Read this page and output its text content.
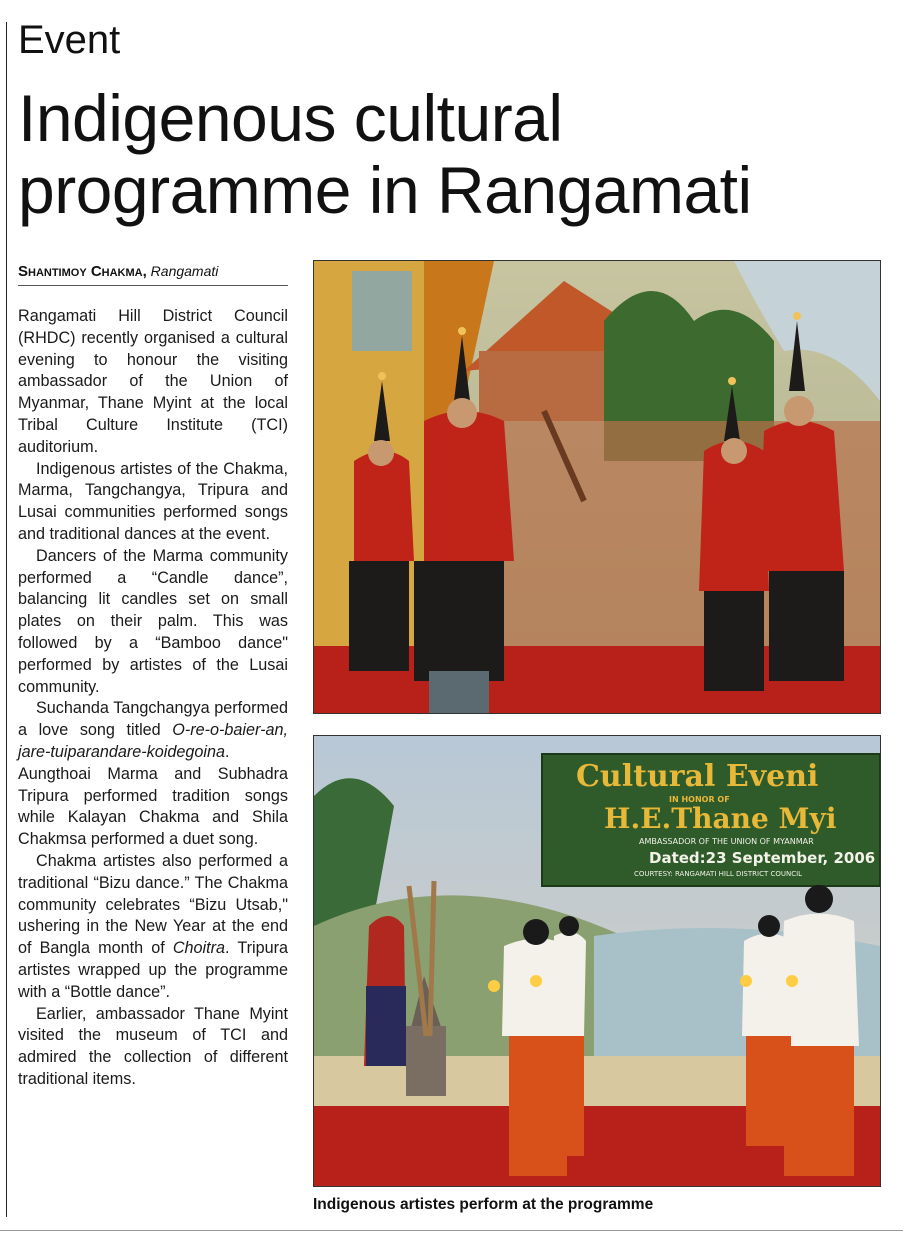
Event
Indigenous cultural
programme in Rangamati
Shantimoy Chakma, Rangamati

Rangamati Hill District Council (RHDC) recently organised a cultural evening to honour the visiting ambassador of the Union of Myanmar, Thane Myint at the local Tribal Culture Institute (TCI) auditorium.

Indigenous artistes of the Chakma, Marma, Tangchangya, Tripura and Lusai communities performed songs and traditional dances at the event.

Dancers of the Marma community performed a “Candle dance”, balancing lit candles set on small plates on their palm. This was followed by a “Bamboo dance" performed by artistes of the Lusai community.

Suchanda Tangchangya performed a love song titled O-re-o-baier-an, jare-tuiparandare-koidegoina. Aungthoai Marma and Subhadra Tripura performed tradition songs while Kalayan Chakma and Shila Chakmsa performed a duet song.

Chakma artistes also performed a traditional “Bizu dance.” The Chakma community celebrates “Bizu Utsab," ushering in the New Year at the end of Bangla month of Choitra. Tripura artistes wrapped up the programme with a “Bottle dance”.

Earlier, ambassador Thane Myint visited the museum of TCI and admired the collection of different traditional items.

Cultural Eveni
IN HONOR OF
H.E.Thane Myi
AMBASSADOR OF THE UNION OF MYANMAR
Dated:23 September, 2006
COURTESY: RANGAMATI HILL DISTRICT COUNCIL
Indigenous artistes perform at the programme
